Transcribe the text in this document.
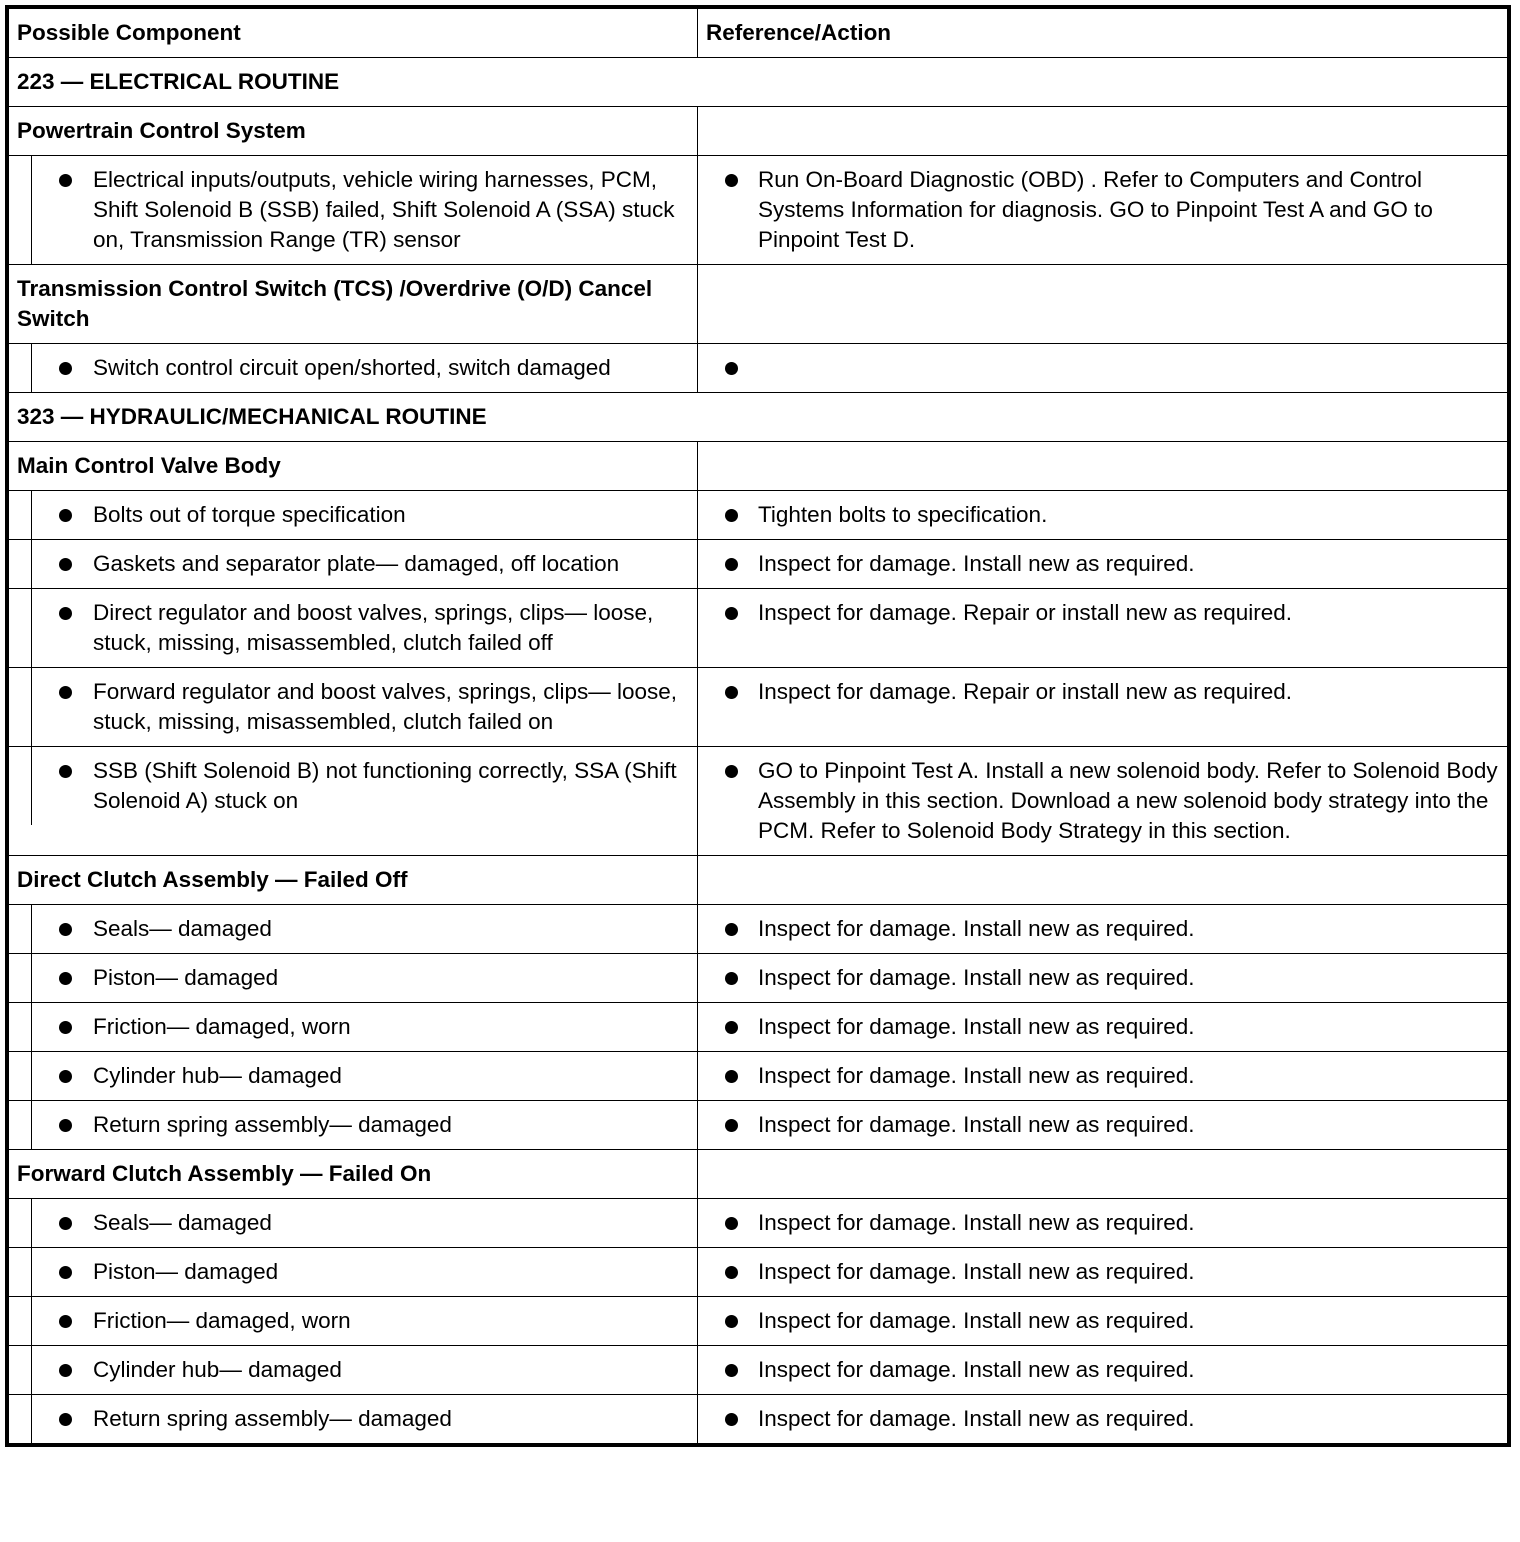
Possible Component	Reference/Action
223 — ELECTRICAL ROUTINE	
Powertrain Control System	

Electrical inputs/outputs, vehicle wiring harnesses, PCM, Shift Solenoid B (SSB) failed, Shift Solenoid A (SSA) stuck on, Transmission Range (TR) sensor	Run On-Board Diagnostic (OBD) . Refer to Computers and Control Systems Information for diagnosis. GO to Pinpoint Test A and GO to Pinpoint Test D.

Transmission Control Switch (TCS) /Overdrive (O/D) Cancel Switch	

Switch control circuit open/shorted, switch damaged	

323 — HYDRAULIC/MECHANICAL ROUTINE	
Main Control Valve Body	

Bolts out of torque specification	Tighten bolts to specification.

Gaskets and separator plate— damaged, off location	Inspect for damage. Install new as required.

Direct regulator and boost valves, springs, clips— loose, stuck, missing, misassembled, clutch failed off	Inspect for damage. Repair or install new as required.

Forward regulator and boost valves, springs, clips— loose, stuck, missing, misassembled, clutch failed on	Inspect for damage. Repair or install new as required.

SSB (Shift Solenoid B) not functioning correctly, SSA (Shift Solenoid A) stuck on	GO to Pinpoint Test A. Install a new solenoid body. Refer to Solenoid Body Assembly in this section. Download a new solenoid body strategy into the PCM. Refer to Solenoid Body Strategy in this section.

Direct Clutch Assembly — Failed Off	

Seals— damaged	Inspect for damage. Install new as required.

Piston— damaged	Inspect for damage. Install new as required.

Friction— damaged, worn	Inspect for damage. Install new as required.

Cylinder hub— damaged	Inspect for damage. Install new as required.

Return spring assembly— damaged	Inspect for damage. Install new as required.

Forward Clutch Assembly — Failed On	

Seals— damaged	Inspect for damage. Install new as required.

Piston— damaged	Inspect for damage. Install new as required.

Friction— damaged, worn	Inspect for damage. Install new as required.

Cylinder hub— damaged	Inspect for damage. Install new as required.

Return spring assembly— damaged	Inspect for damage. Install new as required.
